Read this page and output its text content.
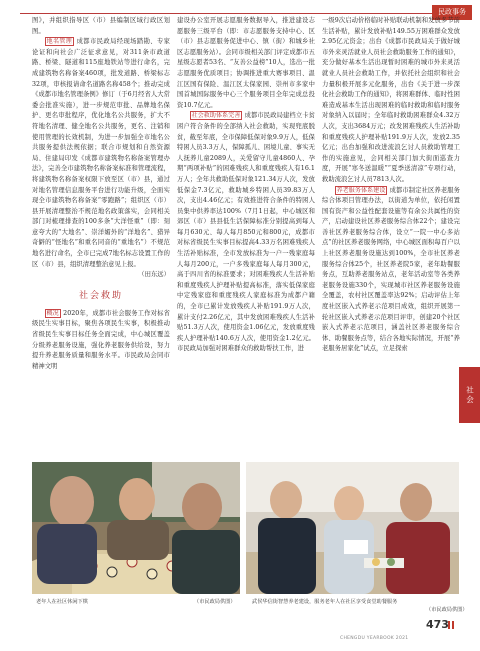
民政事务

图》，并组织指导区（市）县编制区域行政区划图。

地名管理 成都市民政局经现场踏勘、专家论证和向社会广泛征求意见，对311条市政道路、桥梁、隧道和115座地铁站等进行命名，完成建筑物名称备案460项，批发道路、桥梁标志32项，审核报请命名道路名称458个；推动完成《成都市地名管理条例》修订（于6月经省人大常委会批准实施），进一步规范审批、品牌地名保护、更名审批程序，优化地名公共服务，扩大不符地名清理、健全地名公共服务，更名、注销和使用管理的长效机制，为进一步加强全市地名公共服务提供法规依据；联合市规划和自然资源局、住建局印发《成都市建筑物名称备案管理办法》，完善全市建筑物名称备案标准和管理流程，将建筑物名称备案权限下放至区（市）县，通过对地名管理信息服务平台进行功能升级，全面实现全市建筑物名称备案“零跑路”；组织区（市）县开展清理整治不规范地名政策落实，会同相关部门对梳理排查的100多条“大洋怪重”（即：刻意夸大的“大地名”、崇洋媚外的“洋地名”、猎异奇僻的“怪地名”和重名同音的“重地名”）不规范地名进行命名，全市已完成7地名标志设置工作的区（市）县，组织清理整治意见上报。

（田东远）
社会救助

概况 2020年，成都市社会服务工作对标省级民生实事目标，聚焦各项民生实事，积极推动省级民生实事目标任务全面完成，中心城区覆盖分级养老服务设施，强化养老服务供给设，努力提升养老服务质量和服务水平。市民政局会同市精神文明

建设办公室开展志愿服务数据导入，推进建设志愿服务三级平台（即：市志愿服务支持中心、区（市）县志愿服务促进中心、镇（街）和城乡社区志愿服务站）。会同市级相关部门评定成都市五星级志愿者53名、“友善公益榜”10人，选出一批志愿服务优质项目；协调推进重大赛事项目、温江区国有保险、温江区太保家园、崇州市多家中国首城国际服务中心三个服务项目全年完成总投资10.7亿元。

社会救助体系完善 成都市民政局建档立卡贫困户符合条件的全部纳入社会救助，实现兜底脱贫，截至年底，全市保障低保对象9.9万人，低保特困人员3.3万人，保障孤儿、困境儿童、事实无人抚养儿童2089人，关爱留守儿童4860人、孕期“两项补贴”的困难残疾人和重度残疾人有16.1万人；全年共救助低保对象121.34万人次，发放低保金7.3亿元，救助城乡特困人员39.83万人次，支出4.46亿元；有效推进符合条件的特困人员集中供养率达100%（7月1日起，中心城区和郊区（市）县县低生活保障标准分别提高到每人每月630元、每人每月850元和800元，成都市对标省级民生实事目标提高4.33万名困难残疾人生活补贴标准，全市发放标准为一户一残家庭每人每月200元，一户多残家庭每人每月300元，高于四川省的标准要求；对困难残疾人生活补贴和重度残疾人护理补贴提高标准，落实低保家庭中定残家庭和重度残疾人家庭标准为成都户籍的，全市已累计发放残疾人补贴191.9万人次，累计支付2.26亿元，其中发放困难残疾人生活补贴51.3万人次，使用资金1.06亿元，发放重度残疾人护理补贴140.6万人次，使用资金1.2亿元。市民政局加强对困难群众的救助帮扶工作，进

一级9次启动价格临时补贴联动机制和发放多节前生活补贴，累计发放补贴149.55万困难群众发放2.95亿元资金；出台《成都市民政局关于做好城市外来灵活就业人员社会救助服务工作的通知》，充分做好基本生活出现暂时困难的城市外来灵活就业人员社会救助工作，并依托社会组织和社会力量积极开展多元化服务，出台《关于进一步深化社会救助工作的通知》，将困难群体、临时性困难造成基本生活出现困难的临时救助和临时服务对象纳入以届时；全年临时救助困难群众4.32万人次，支出3684万元；改发困难残疾人生活补助和重度残疾人护理补贴191.9万人次，发放2.35亿元；出台加强和改进流浪乞讨人员救助管理工作的实施意见，会同相关部门加大街面巡查力度，开展“寒冬送温暖”“夏季送清凉”专项行动，救助流浪乞讨人员7813人次。

养老服务体系建设 成都市制定社区养老服务综合体项目管理办法，以街道为单位，依托闲置国有资产和公益性配套设施等有余公共属性的资产，启动建设社区养老服务综合体22个；建设完善社区养老服务综合体，设立“一院一中心多站点”的社区养老服务网络，中心城区面积每百户以上社区养老服务设施达到100%，全市社区养老服务综合体25个，社区养老院5家，老年助餐服务点，互助养老服务站点，老年活动室等各类养老服务设施330个，实现城市社区养老服务设施全覆盖，农村社区覆盖率达92%；启动评估上年度社区嵌入式养老示范项目成效，组织开展第一轮社区嵌入式养老示范项目评审，创建20个社区嵌入式养老示范项目，涵盖社区养老服务综合体、助餐服务点等，结合各地实际情况，开展“养老服务居家化”试点，立足探索

社会
老年人在社区休闲下棋	（市民政局供图）	武侯华信街智慧养老建设，服务老年人在社区享受食堂助餐服务
（市民政局供图）
CHENGDU YEARBOOK 2021
473
